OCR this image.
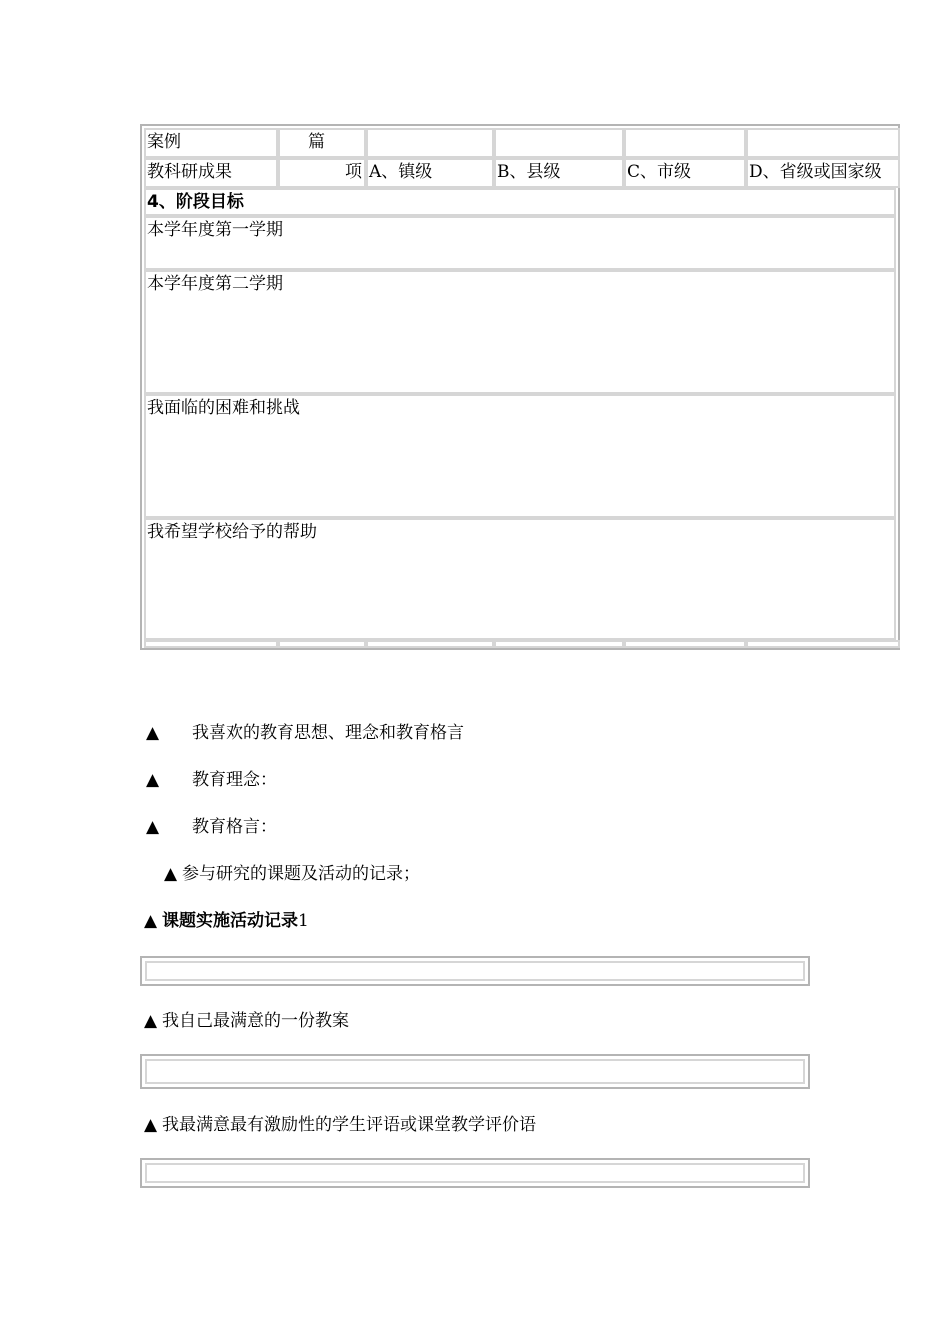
案例	篇
教科研成果	项 A、镇级	B、县级	C、市级	D、省级或国家级
4、阶段目标
本学年度第一学期
本学年度第二学期
我面临的困难和挑战
我希望学校给予的帮助
▲ 我喜欢的教育思想、理念和教育格言
▲ 教育理念：
▲ 教育格言：
▲ 参与研究的课题及活动的记录；
▲ 课题实施活动记录1
▲ 我自己最满意的一份教案
▲ 我最满意最有激励性的学生评语或课堂教学评价语
